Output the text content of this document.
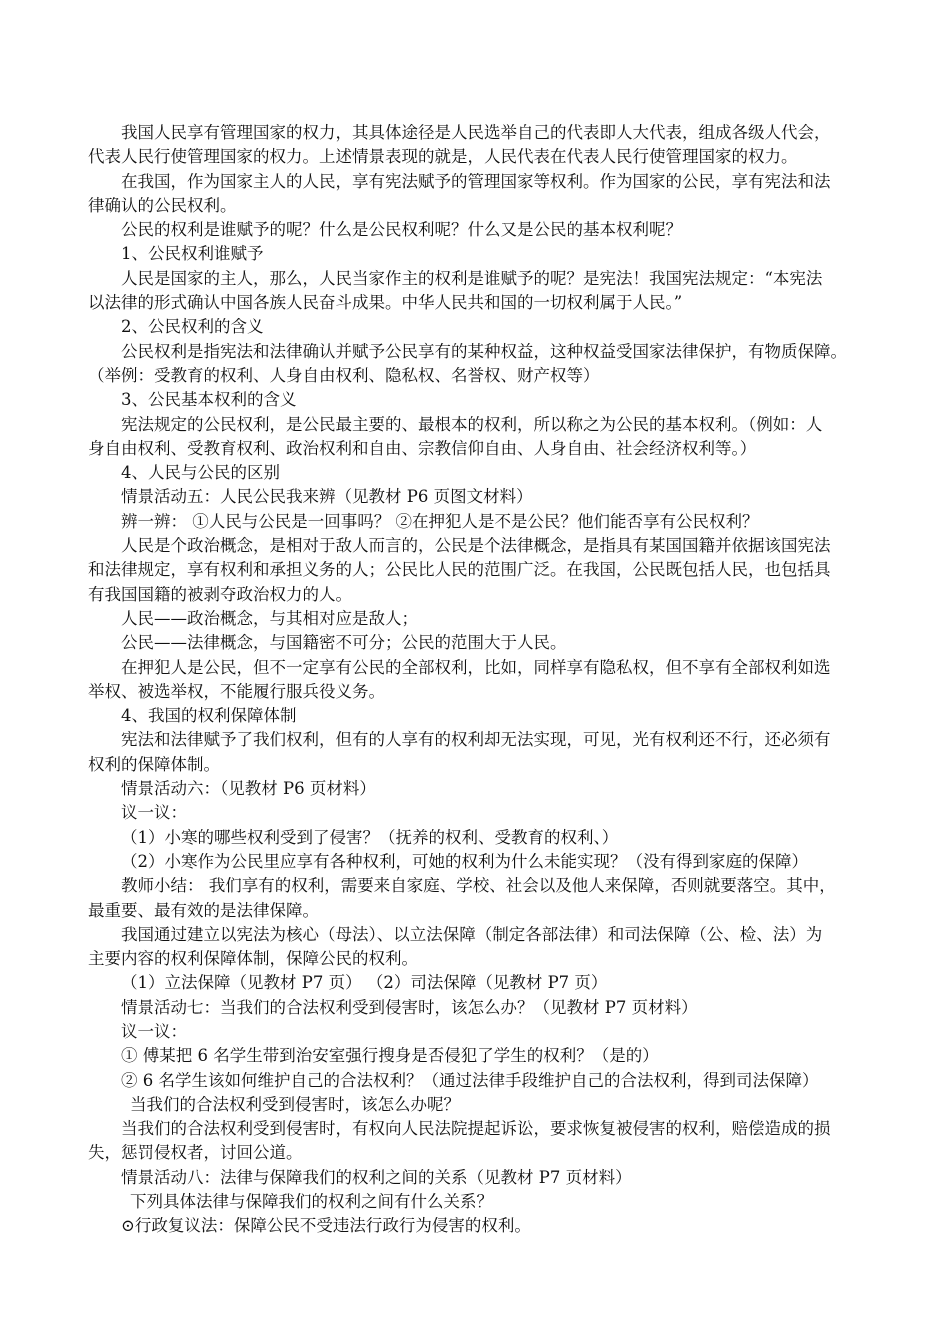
我国人民享有管理国家的权力，其具体途径是人民选举自己的代表即人大代表，组成各级人代会，
代表人民行使管理国家的权力。上述情景表现的就是，人民代表在代表人民行使管理国家的权力。
在我国，作为国家主人的人民，享有宪法赋予的管理国家等权利。作为国家的公民，享有宪法和法
律确认的公民权利。
公民的权利是谁赋予的呢？什么是公民权利呢？什么又是公民的基本权利呢？
1、公民权利谁赋予
人民是国家的主人，那么，人民当家作主的权利是谁赋予的呢？是宪法！我国宪法规定：“本宪法
以法律的形式确认中国各族人民奋斗成果。中华人民共和国的一切权利属于人民。”
2、公民权利的含义
公民权利是指宪法和法律确认并赋予公民享有的某种权益，这种权益受国家法律保护，有物质保障。
（举例：受教育的权利、人身自由权利、隐私权、名誉权、财产权等）
3、公民基本权利的含义
宪法规定的公民权利，是公民最主要的、最根本的权利，所以称之为公民的基本权利。（例如：人
身自由权利、受教育权利、政治权利和自由、宗教信仰自由、人身自由、社会经济权利等。）
4、人民与公民的区别
情景活动五：人民公民我来辨（见教材 P6 页图文材料）
辨一辨： ①人民与公民是一回事吗？ ②在押犯人是不是公民？他们能否享有公民权利？
人民是个政治概念，是相对于敌人而言的，公民是个法律概念，是指具有某国国籍并依据该国宪法
和法律规定，享有权利和承担义务的人；公民比人民的范围广泛。在我国，公民既包括人民，也包括具
有我国国籍的被剥夺政治权力的人。
人民——政治概念，与其相对应是敌人；
公民——法律概念，与国籍密不可分；公民的范围大于人民。
在押犯人是公民，但不一定享有公民的全部权利，比如，同样享有隐私权，但不享有全部权利如选
举权、被选举权，不能履行服兵役义务。
4、我国的权利保障体制
宪法和法律赋予了我们权利，但有的人享有的权利却无法实现，可见，光有权利还不行，还必须有
权利的保障体制。
情景活动六：（见教材 P6 页材料）
议一议：
（1）小寒的哪些权利受到了侵害？（抚养的权利、受教育的权利、）
（2）小寒作为公民里应享有各种权利，可她的权利为什么未能实现？（没有得到家庭的保障）
教师小结： 我们享有的权利，需要来自家庭、学校、社会以及他人来保障，否则就要落空。其中，
最重要、最有效的是法律保障。
我国通过建立以宪法为核心（母法）、以立法保障（制定各部法律）和司法保障（公、检、法）为
主要内容的权利保障体制，保障公民的权利。
（1）立法保障（见教材 P7 页） （2）司法保障（见教材 P7 页）
情景活动七：当我们的合法权利受到侵害时，该怎么办？（见教材 P7 页材料）
议一议：
① 傅某把 6 名学生带到治安室强行搜身是否侵犯了学生的权利？（是的）
② 6 名学生该如何维护自己的合法权利？（通过法律手段维护自己的合法权利，得到司法保障）
当我们的合法权利受到侵害时，该怎么办呢？
当我们的合法权利受到侵害时，有权向人民法院提起诉讼，要求恢复被侵害的权利，赔偿造成的损
失，惩罚侵权者，讨回公道。
情景活动八：法律与保障我们的权利之间的关系（见教材 P7 页材料）
下列具体法律与保障我们的权利之间有什么关系？
⊙行政复议法：保障公民不受违法行政行为侵害的权利。
